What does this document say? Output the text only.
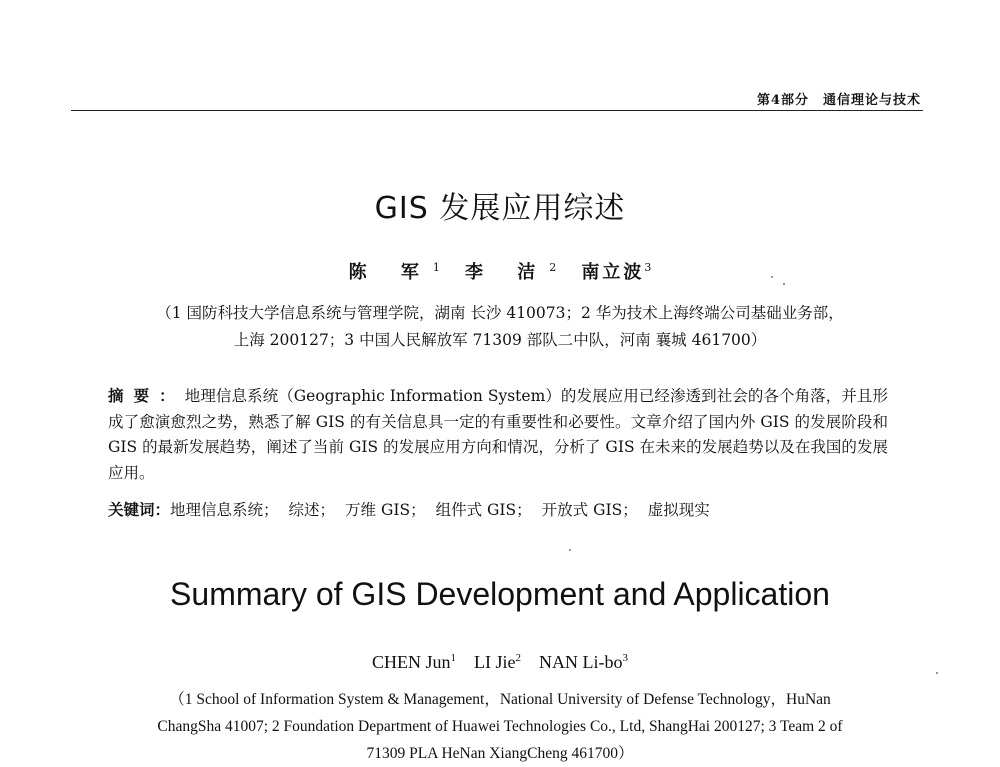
第4部分 通信理论与技术
GIS 发展应用综述
陈 军$^1$ 李 洁$^2$ 南立波$^3$
（1 国防科技大学信息系统与管理学院，湖南 长沙 410073；2 华为技术上海终端公司基础业务部，
上海 200127；3 中国人民解放军 71309 部队二中队，河南 襄城 461700）
摘要：地理信息系统（Geographic Information System）的发展应用已经渗透到社会的各个角落，并且形成了愈演愈烈之势，熟悉了解 GIS 的有关信息具一定的有重要性和必要性。文章介绍了国内外 GIS 的发展阶段和 GIS 的最新发展趋势，阐述了当前 GIS 的发展应用方向和情况，分析了 GIS 在未来的发展趋势以及在我国的发展应用。
关键词：地理信息系统； 综述； 万维 GIS； 组件式 GIS； 开放式 GIS； 虚拟现实
Summary of GIS Development and Application
CHEN Jun$^1$ LI Jie$^2$ NAN $Li-bo^3$
（1 School of Information System & Management，National University of Defense Technology，HuNan
ChangSha 41007; 2 Foundation Department of Huawei Technologies Co., Ltd, ShangHai 200127; 3 Team 2 of
71309 PLA HeNan XiangCheng 461700）
